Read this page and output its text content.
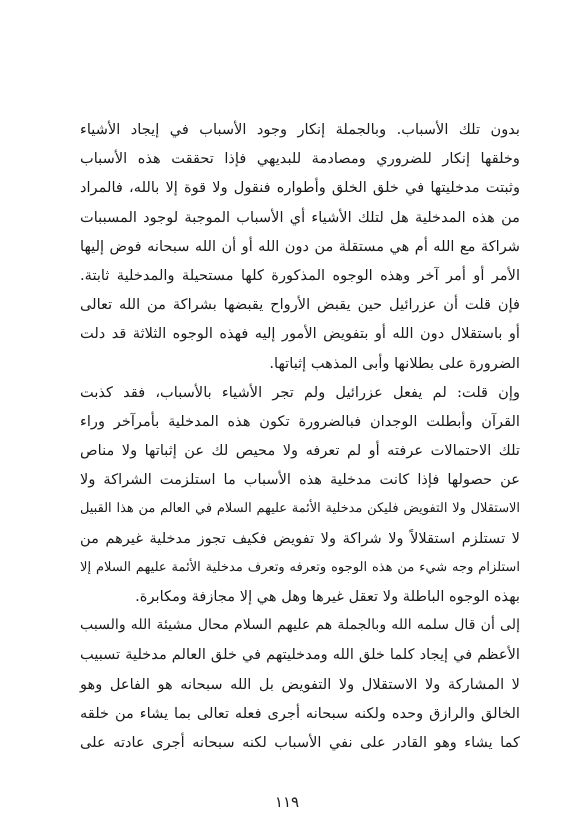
بدون تلك الأسباب. وبالجملة إنكار وجود الأسباب في إيجاد الأشياء
وخلقها إنكار للضروري ومصادمة للبديهي فإذا تحققت هذه الأسباب
وثبتت مدخليتها في خلق الخلق وأطواره فنقول ولا قوة إلا بالله، فالمراد
من هذه المدخلية هل لتلك الأشياء أي الأسباب الموجبة لوجود المسببات
شراكة مع الله أم هي مستقلة من دون الله أو أن الله سبحانه فوض إليها
الأمر أو أمر آخر وهذه الوجوه المذكورة كلها مستحيلة والمدخلية ثابتة.
فإن قلت أن عزرائيل حين يقبض الأرواح يقبضها بشراكة من الله تعالى
أو باستقلال دون الله أو بتفويض الأمور إليه فهذه الوجوه الثلاثة قد دلت
الضرورة على بطلانها وأبى المذهب إثباتها.
وإن قلت: لم يفعل عزرائيل ولم تجر الأشياء بالأسباب، فقد كذبت
القرآن وأبطلت الوجدان فبالضرورة تكون هذه المدخلية بأمرآخر وراء
تلك الاحتمالات عرفته أو لم تعرفه ولا محيص لك عن إثباتها ولا مناص
عن حصولها فإذا كانت مدخلية هذه الأسباب ما استلزمت الشراكة ولا
الاستقلال ولا التفويض فليكن مدخلية الأئمة عليهم السلام في العالم من هذا القبيل
لا تستلزم استقلالاً ولا شراكة ولا تفويض فكيف تجوز مدخلية غيرهم من
استلزام وجه شيء من هذه الوجوه وتعرفه وتعرف مدخلية الأئمة عليهم السلام إلا
بهذه الوجوه الباطلة ولا تعقل غيرها وهل هي إلا مجازفة ومكابرة.
إلى أن قال سلمه الله وبالجملة هم عليهم السلام محال مشيئة الله والسبب
الأعظم في إيجاد كلما خلق الله ومدخليتهم في خلق العالم مدخلية تسبيب
لا المشاركة ولا الاستقلال ولا التفويض بل الله سبحانه هو الفاعل وهو
الخالق والرازق وحده ولكنه سبحانه أجرى فعله تعالى بما يشاء من خلقه
كما يشاء وهو القادر على نفي الأسباب لكنه سبحانه أجرى عادته على
١١٩
